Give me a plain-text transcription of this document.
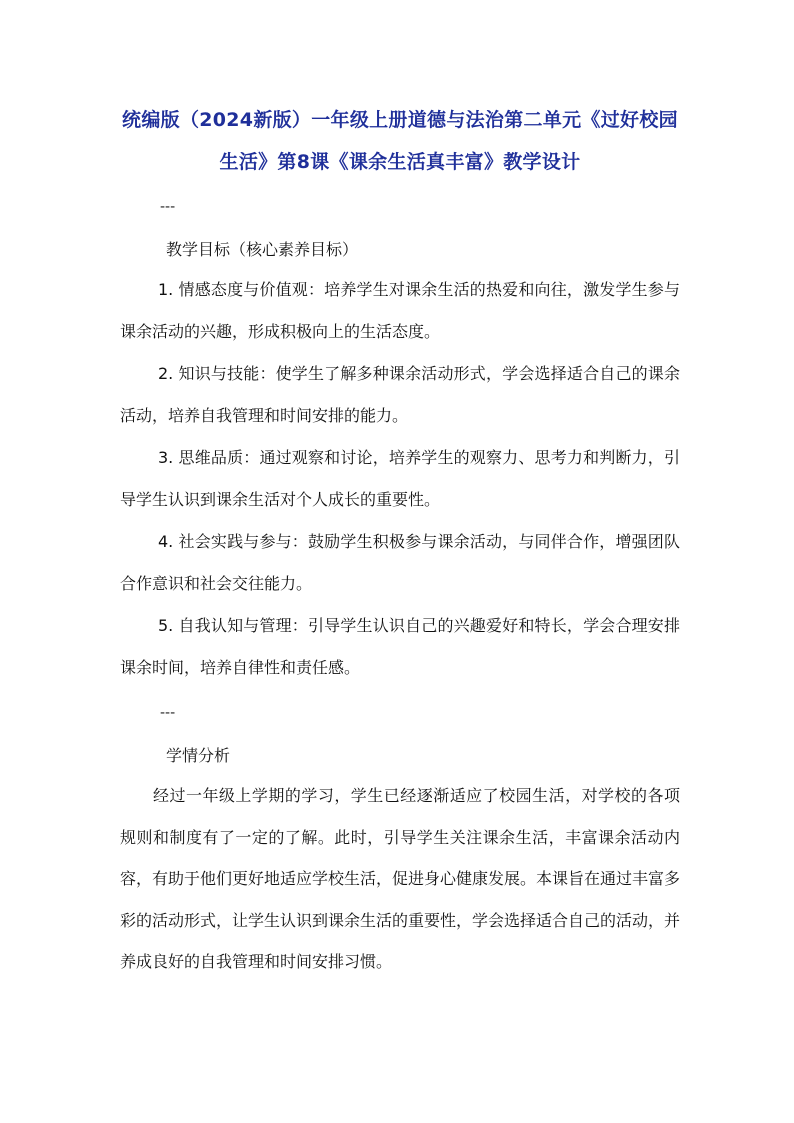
统编版（2024新版）一年级上册道德与法治第二单元《过好校园生活》第8课《课余生活真丰富》教学设计
---
教学目标（核心素养目标）
1. 情感态度与价值观：培养学生对课余生活的热爱和向往，激发学生参与课余活动的兴趣，形成积极向上的生活态度。
2. 知识与技能：使学生了解多种课余活动形式，学会选择适合自己的课余活动，培养自我管理和时间安排的能力。
3. 思维品质：通过观察和讨论，培养学生的观察力、思考力和判断力，引导学生认识到课余生活对个人成长的重要性。
4. 社会实践与参与：鼓励学生积极参与课余活动，与同伴合作，增强团队合作意识和社会交往能力。
5. 自我认知与管理：引导学生认识自己的兴趣爱好和特长，学会合理安排课余时间，培养自律性和责任感。
---
学情分析

经过一年级上学期的学习，学生已经逐渐适应了校园生活，对学校的各项规则和制度有了一定的了解。此时，引导学生关注课余生活，丰富课余活动内容，有助于他们更好地适应学校生活，促进身心健康发展。本课旨在通过丰富多彩的活动形式，让学生认识到课余生活的重要性，学会选择适合自己的活动，并养成良好的自我管理和时间安排习惯。
